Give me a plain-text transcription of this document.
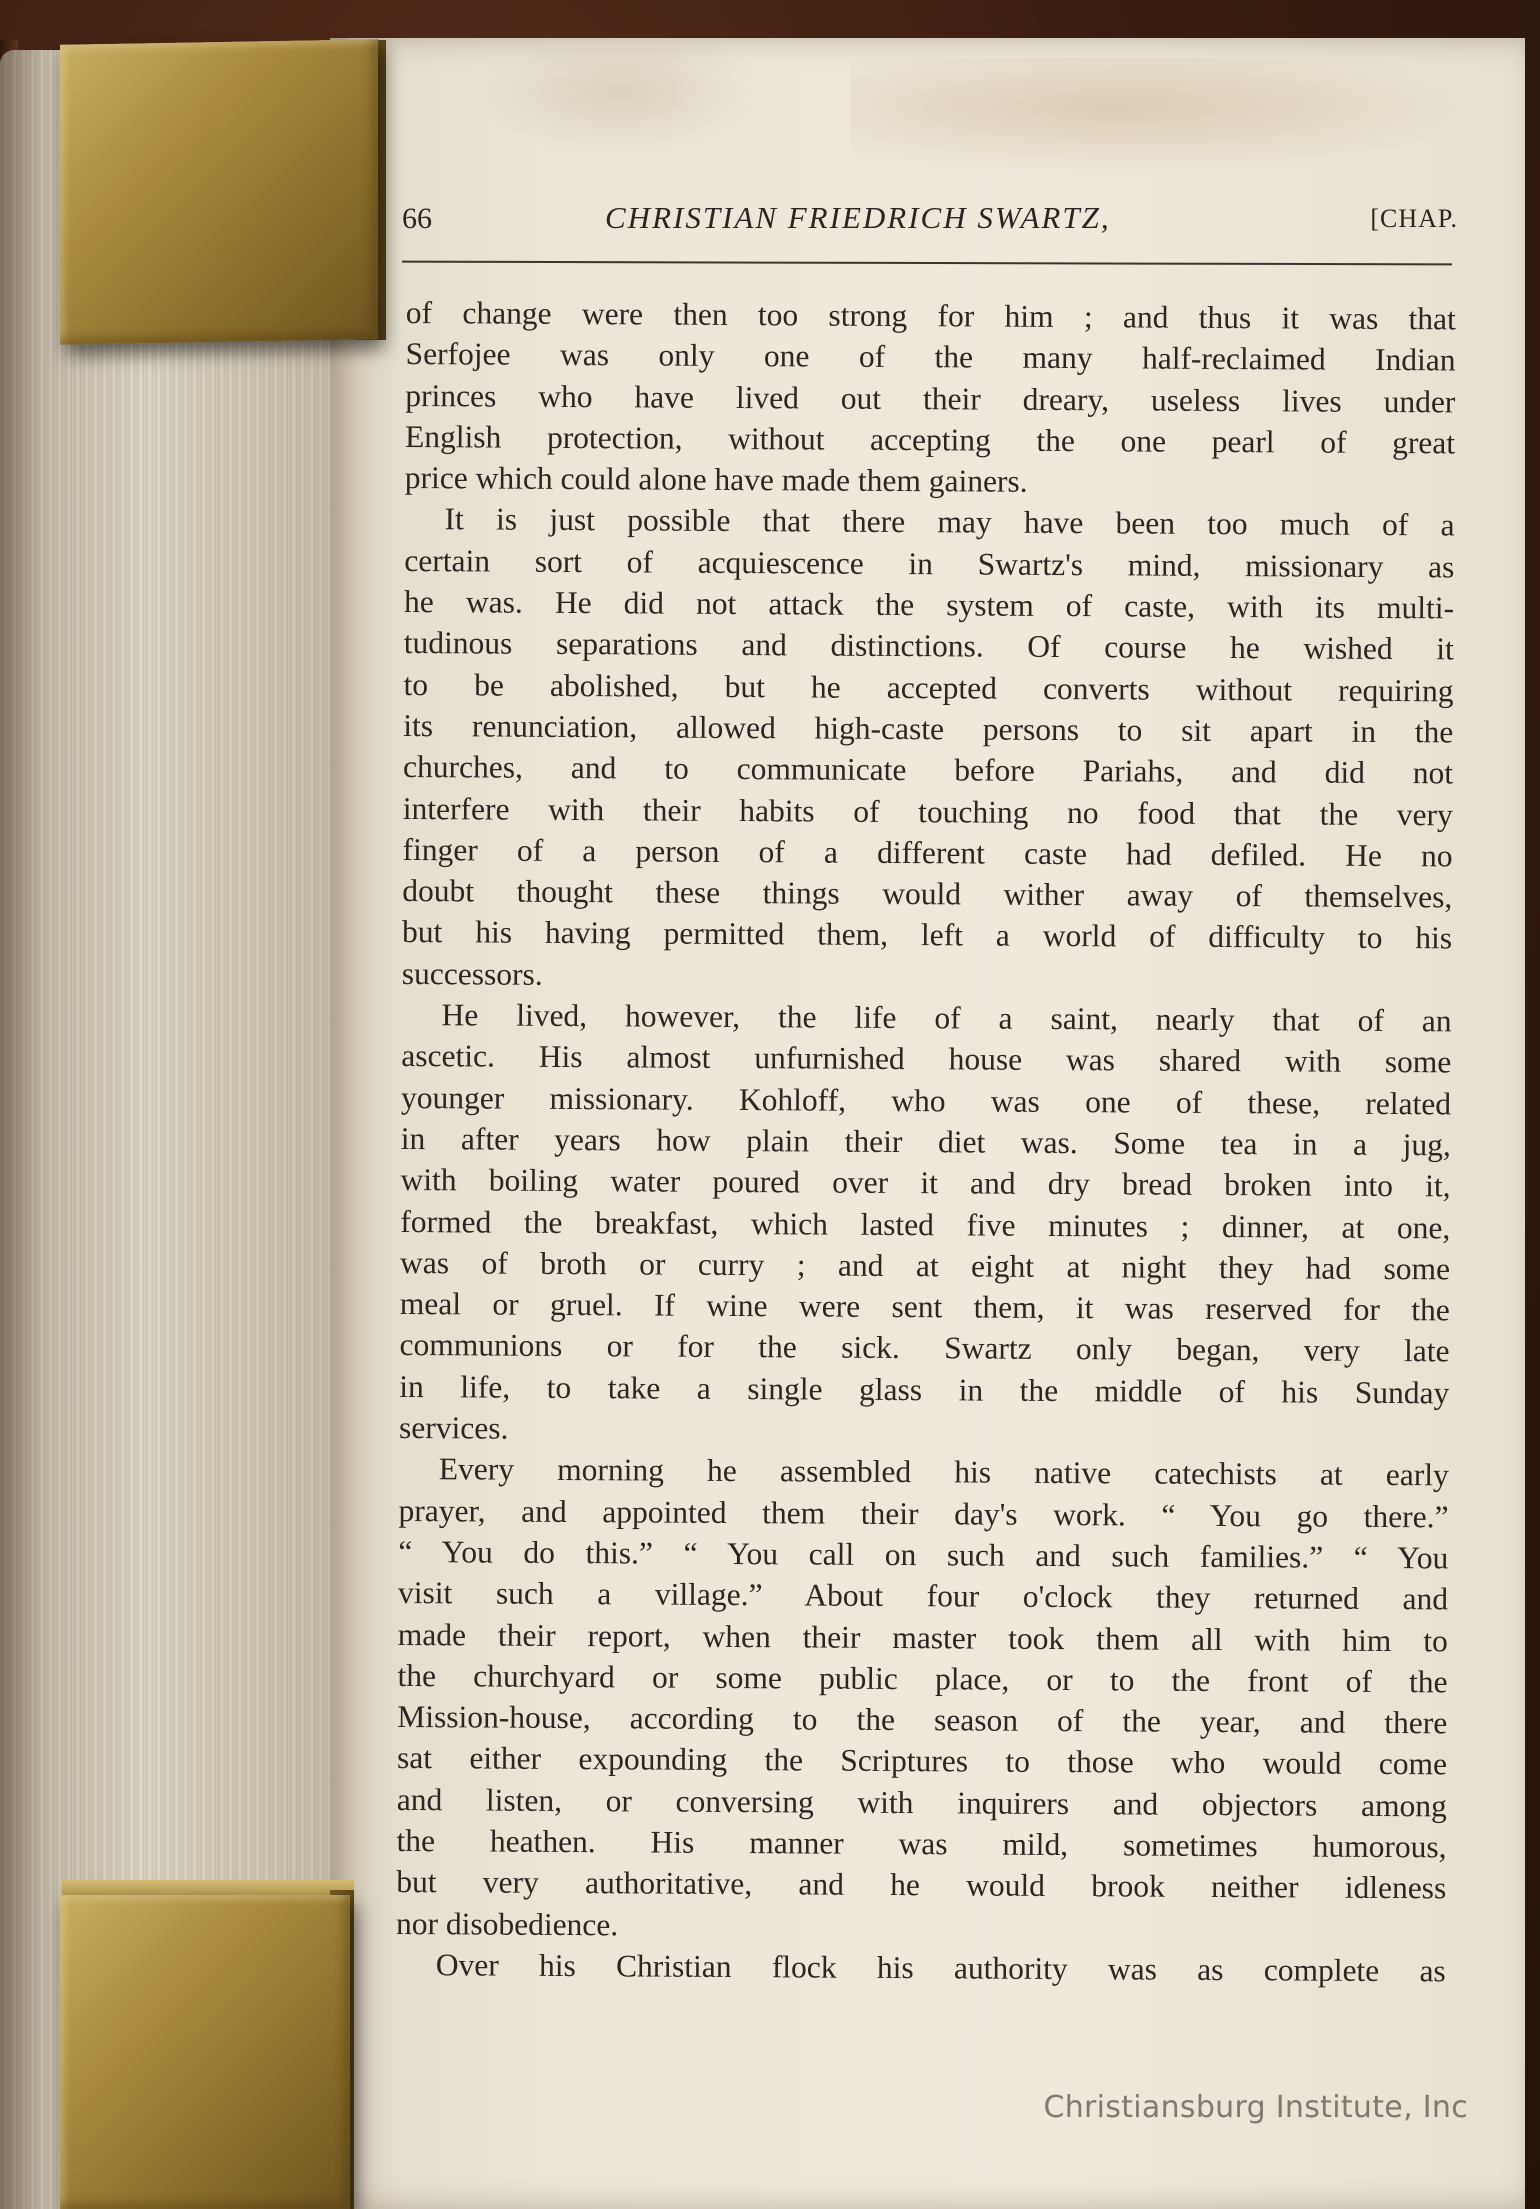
66	CHRISTIAN FRIEDRICH SWARTZ,	[CHAP.
of change were then too strong for him ; and thus it was that
Serfojee was only one of the many half-reclaimed Indian
princes who have lived out their dreary, useless lives under
English protection, without accepting the one pearl of great
price which could alone have made them gainers.
It is just possible that there may have been too much of a
certain sort of acquiescence in Swartz's mind, missionary as
he was. He did not attack the system of caste, with its multi-
tudinous separations and distinctions. Of course he wished it
to be abolished, but he accepted converts without requiring
its renunciation, allowed high-caste persons to sit apart in the
churches, and to communicate before Pariahs, and did not
interfere with their habits of touching no food that the very
finger of a person of a different caste had defiled. He no
doubt thought these things would wither away of themselves,
but his having permitted them, left a world of difficulty to his
successors.
He lived, however, the life of a saint, nearly that of an
ascetic. His almost unfurnished house was shared with some
younger missionary. Kohloff, who was one of these, related
in after years how plain their diet was. Some tea in a jug,
with boiling water poured over it and dry bread broken into it,
formed the breakfast, which lasted five minutes ; dinner, at one,
was of broth or curry ; and at eight at night they had some
meal or gruel. If wine were sent them, it was reserved for the
communions or for the sick. Swartz only began, very late
in life, to take a single glass in the middle of his Sunday
services.
Every morning he assembled his native catechists at early
prayer, and appointed them their day's work. “ You go there.”
“ You do this.” “ You call on such and such families.” “ You
visit such a village.” About four o'clock they returned and
made their report, when their master took them all with him to
the churchyard or some public place, or to the front of the
Mission-house, according to the season of the year, and there
sat either expounding the Scriptures to those who would come
and listen, or conversing with inquirers and objectors among
the heathen. His manner was mild, sometimes humorous,
but very authoritative, and he would brook neither idleness
nor disobedience.
Over his Christian flock his authority was as complete as
Christiansburg Institute, Inc
